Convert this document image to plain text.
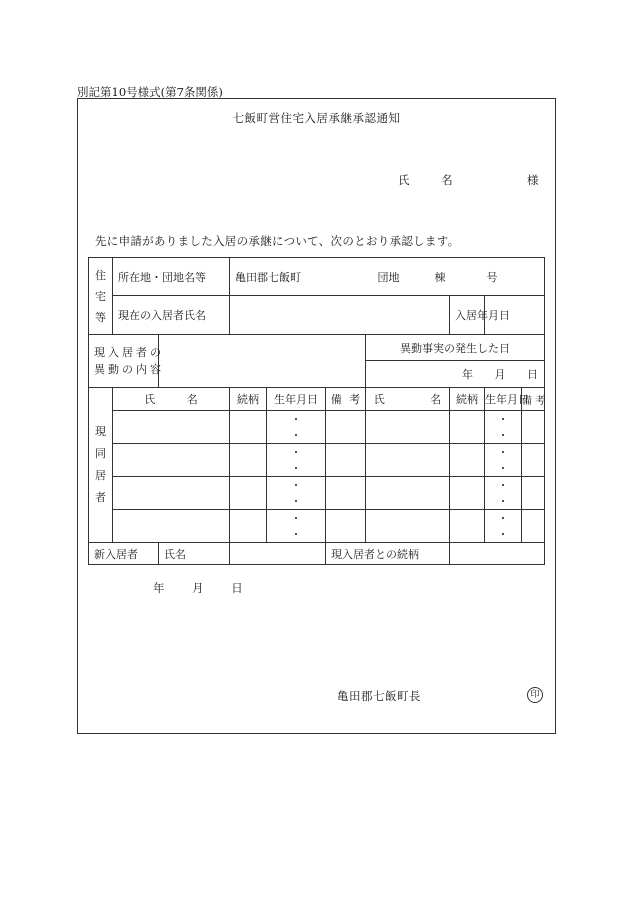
別記第10号様式(第7条関係)
七飯町営住宅入居承継承認通知
氏 名	様
先に申請がありました入居の承継について、次のとおり承認します。
住
宅
等	所在地・団地名等		亀田郡七飯町 団地 棟 号						

	現在の入居者氏名						入居年月日		

現入居者の
異動の内容						異動事実の発生した日			
						年 月 日			

現
同
居
者	氏 名		続柄	生年月日	備 考	氏 名	続柄	生年月日	備 考
				・ ・				・ ・	
				・ ・				・ ・	
				・ ・				・ ・	
				・ ・				・ ・	
新入居者		氏名			現入居者との続柄				
年 月 日
亀田郡七飯町長	印
